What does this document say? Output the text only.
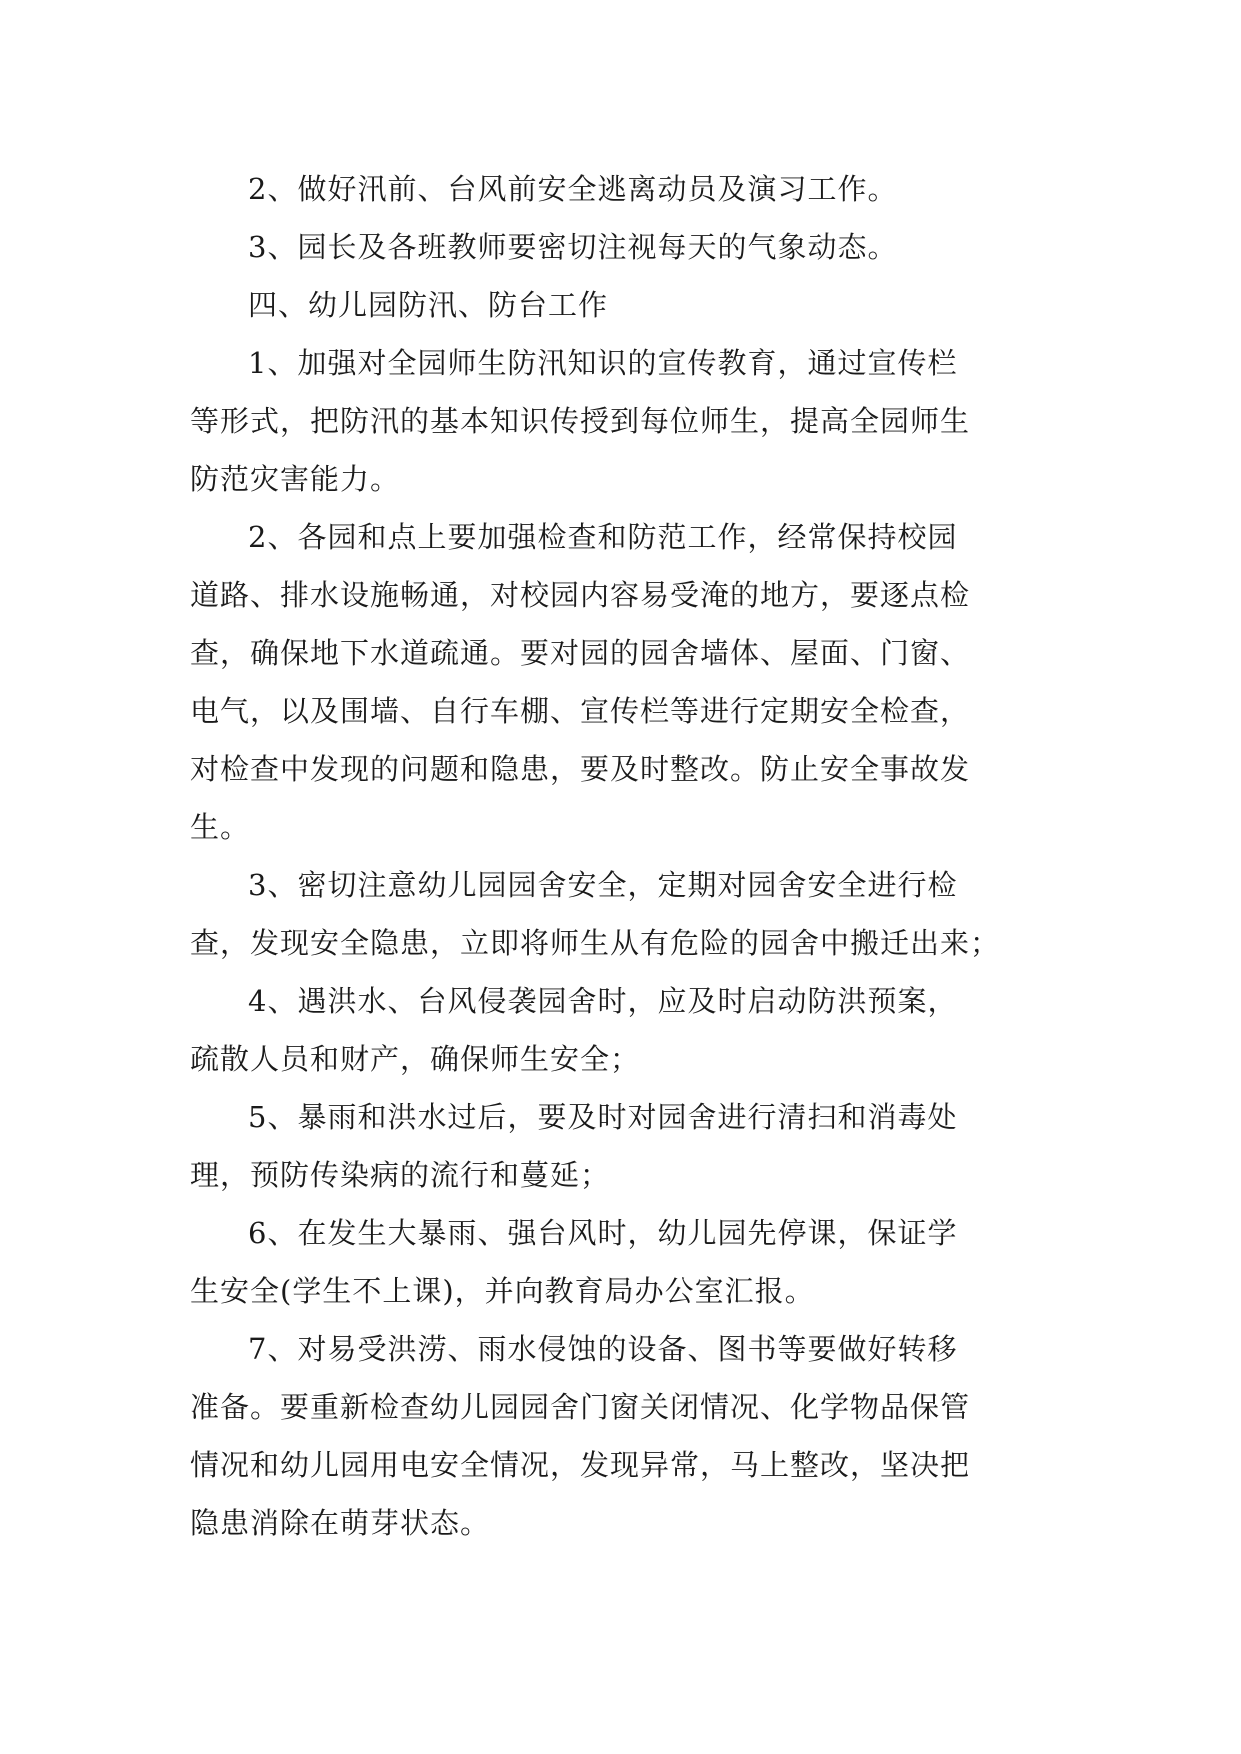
2、做好汛前、台风前安全逃离动员及演习工作。
3、园长及各班教师要密切注视每天的气象动态。
四、幼儿园防汛、防台工作
1、加强对全园师生防汛知识的宣传教育，通过宣传栏
等形式，把防汛的基本知识传授到每位师生，提高全园师生
防范灾害能力。
2、各园和点上要加强检查和防范工作，经常保持校园
道路、排水设施畅通，对校园内容易受淹的地方，要逐点检
查，确保地下水道疏通。要对园的园舍墙体、屋面、门窗、
电气，以及围墙、自行车棚、宣传栏等进行定期安全检查，
对检查中发现的问题和隐患，要及时整改。防止安全事故发
生。
3、密切注意幼儿园园舍安全，定期对园舍安全进行检
查，发现安全隐患，立即将师生从有危险的园舍中搬迁出来；
4、遇洪水、台风侵袭园舍时，应及时启动防洪预案，
疏散人员和财产，确保师生安全；
5、暴雨和洪水过后，要及时对园舍进行清扫和消毒处
理，预防传染病的流行和蔓延；
6、在发生大暴雨、强台风时，幼儿园先停课，保证学
生安全(学生不上课)，并向教育局办公室汇报。
7、对易受洪涝、雨水侵蚀的设备、图书等要做好转移
准备。要重新检查幼儿园园舍门窗关闭情况、化学物品保管
情况和幼儿园用电安全情况，发现异常，马上整改，坚决把
隐患消除在萌芽状态。
